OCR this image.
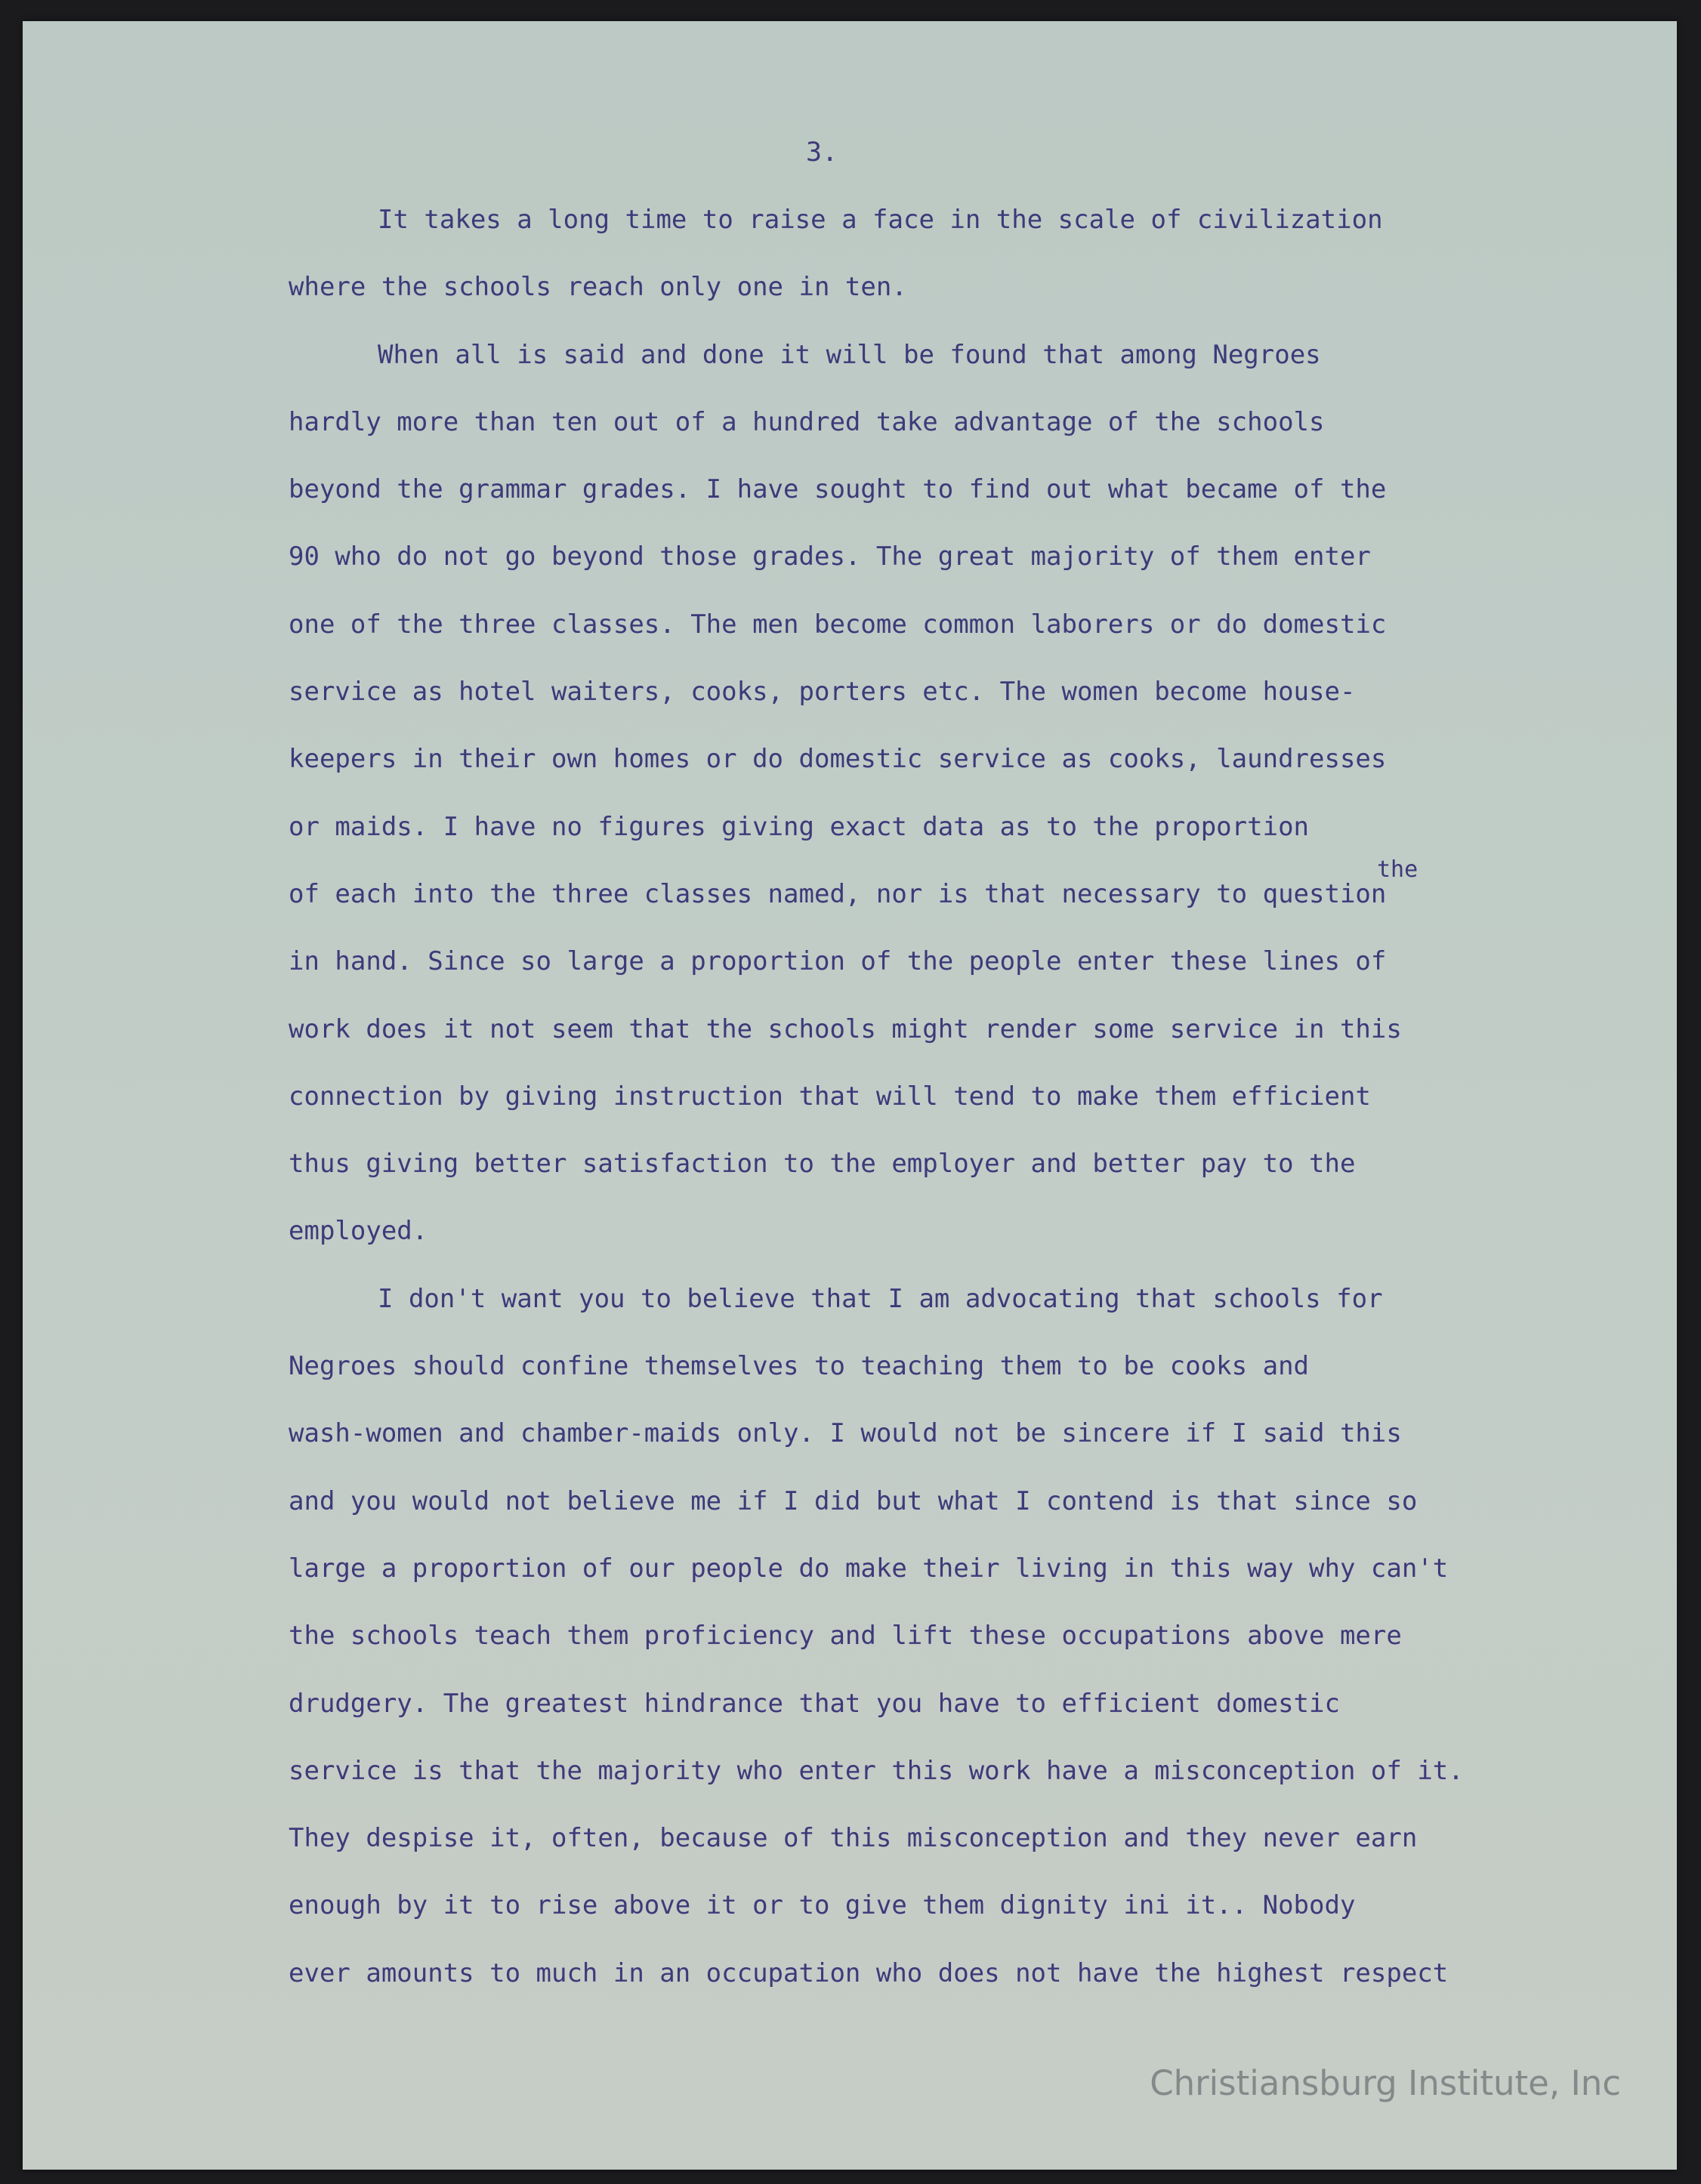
3.

It takes a long time to raise a face in the scale of civilization
where the schools reach only one in ten.
When all is said and done it will be found that among Negroes
hardly more than ten out of a hundred take advantage of the schools
beyond the grammar grades. I have sought to find out what became of the
90 who do not go beyond those grades. The great majority of them enter
one of the three classes. The men become common laborers or do domestic
service as hotel waiters, cooks, porters etc. The women become house-
keepers in their own homes or do domestic service as cooks, laundresses
or maids. I have no figures giving exact data as to the proportion
of each into the three classes named, nor is that necessary to question
the
in hand. Since so large a proportion of the people enter these lines of
work does it not seem that the schools might render some service in this
connection by giving instruction that will tend to make them efficient
thus giving better satisfaction to the employer and better pay to the
employed.
I don't want you to believe that I am advocating that schools for
Negroes should confine themselves to teaching them to be cooks and
wash-women and chamber-maids only. I would not be sincere if I said this
and you would not believe me if I did but what I contend is that since so
large a proportion of our people do make their living in this way why can't
the schools teach them proficiency and lift these occupations above mere
drudgery. The greatest hindrance that you have to efficient domestic
service is that the majority who enter this work have a misconception of it.
They despise it, often, because of this misconception and they never earn
enough by it to rise above it or to give them dignity ini it.. Nobody
ever amounts to much in an occupation who does not have the highest respect

Christiansburg Institute, Inc
